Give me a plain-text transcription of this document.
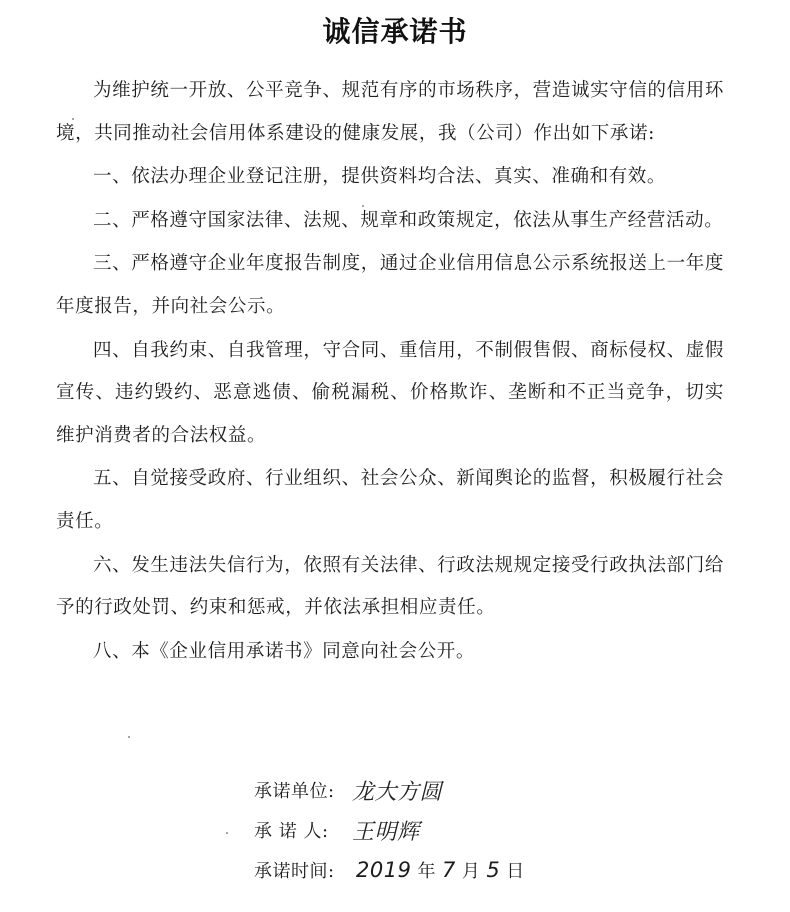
诚信承诺书

为维护统一开放、公平竞争、规范有序的市场秩序，营造诚实守信的信用环境，共同推动社会信用体系建设的健康发展，我（公司）作出如下承诺:

一、依法办理企业登记注册，提供资料均合法、真实、准确和有效。

二、严格遵守国家法律、法规、规章和政策规定，依法从事生产经营活动。

三、严格遵守企业年度报告制度，通过企业信用信息公示系统报送上一年度年度报告，并向社会公示。

四、自我约束、自我管理，守合同、重信用，不制假售假、商标侵权、虚假宣传、违约毁约、恶意逃债、偷税漏税、价格欺诈、垄断和不正当竞争，切实维护消费者的合法权益。

五、自觉接受政府、行业组织、社会公众、新闻舆论的监督，积极履行社会责任。

六、发生违法失信行为，依照有关法律、行政法规规定接受行政执法部门给予的行政处罚、约束和惩戒，并依法承担相应责任。

八、本《企业信用承诺书》同意向社会公开。

承诺单位: 龙大方圆
承 诺 人:	王明辉
承诺时间:	2019 年 7 月 5 日
